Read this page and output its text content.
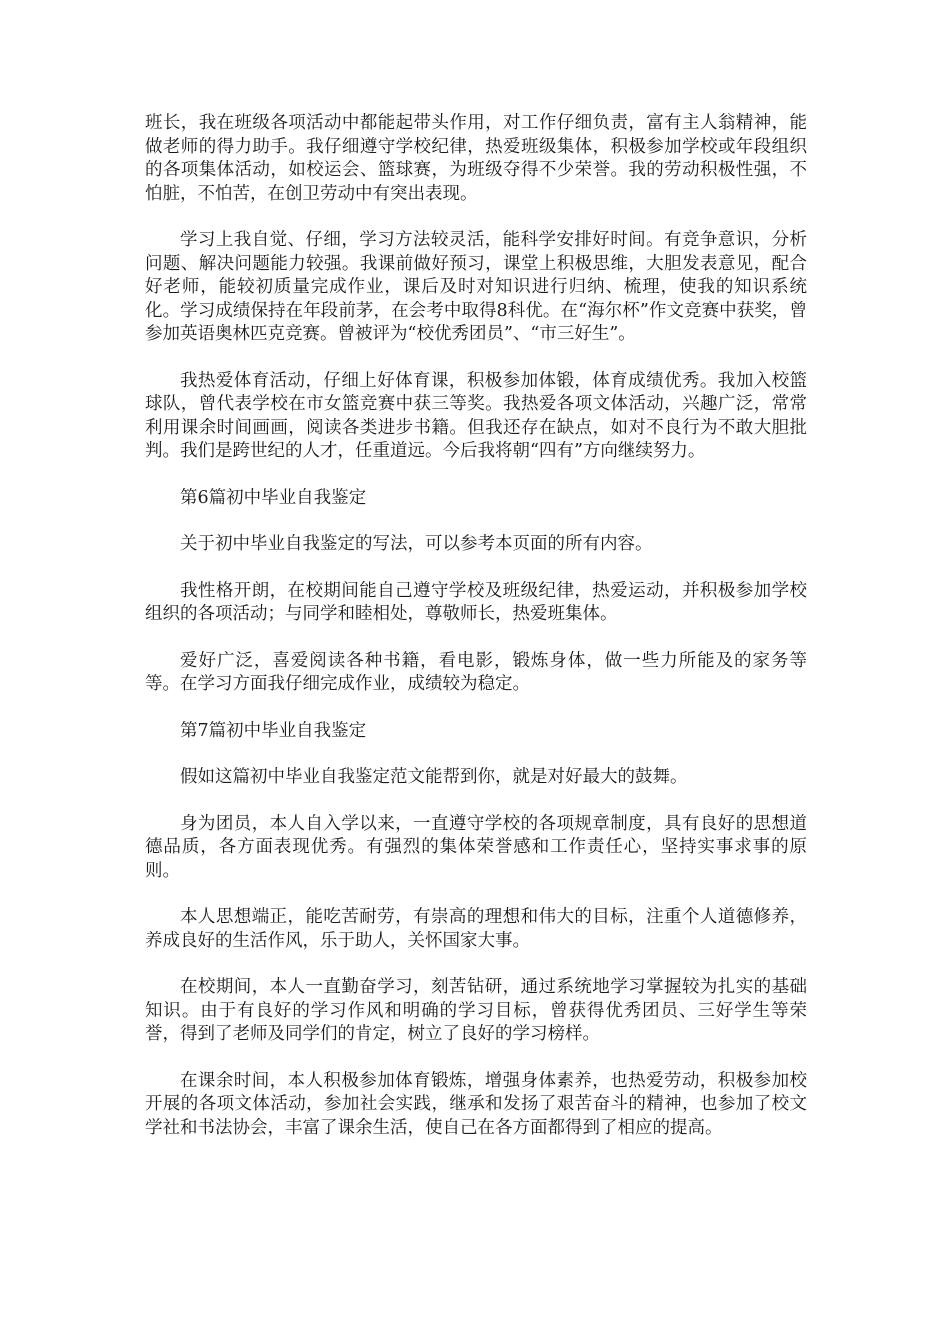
班长，我在班级各项活动中都能起带头作用，对工作仔细负责，富有主人翁精神，能做老师的得力助手。我仔细遵守学校纪律，热爱班级集体，积极参加学校或年段组织的各项集体活动，如校运会、篮球赛，为班级夺得不少荣誉。我的劳动积极性强，不怕脏，不怕苦，在创卫劳动中有突出表现。

学习上我自觉、仔细，学习方法较灵活，能科学安排好时间。有竞争意识，分析问题、解决问题能力较强。我课前做好预习，课堂上积极思维，大胆发表意见，配合好老师，能较初质量完成作业，课后及时对知识进行归纳、梳理，使我的知识系统化。学习成绩保持在年段前茅，在会考中取得8科优。在“海尔杯”作文竞赛中获奖，曾参加英语奥林匹克竞赛。曾被评为“校优秀团员”、“市三好生”。

我热爱体育活动，仔细上好体育课，积极参加体锻，体育成绩优秀。我加入校篮球队，曾代表学校在市女篮竞赛中获三等奖。我热爱各项文体活动，兴趣广泛，常常利用课余时间画画，阅读各类进步书籍。但我还存在缺点，如对不良行为不敢大胆批判。我们是跨世纪的人才，任重道远。今后我将朝“四有”方向继续努力。

第6篇初中毕业自我鉴定

关于初中毕业自我鉴定的写法，可以参考本页面的所有内容。

我性格开朗，在校期间能自己遵守学校及班级纪律，热爱运动，并积极参加学校组织的各项活动；与同学和睦相处，尊敬师长，热爱班集体。

爱好广泛，喜爱阅读各种书籍，看电影，锻炼身体，做一些力所能及的家务等等。在学习方面我仔细完成作业，成绩较为稳定。

第7篇初中毕业自我鉴定

假如这篇初中毕业自我鉴定范文能帮到你，就是对好最大的鼓舞。

身为团员，本人自入学以来，一直遵守学校的各项规章制度，具有良好的思想道德品质，各方面表现优秀。有强烈的集体荣誉感和工作责任心，坚持实事求事的原则。

本人思想端正，能吃苦耐劳，有崇高的理想和伟大的目标，注重个人道德修养，养成良好的生活作风，乐于助人，关怀国家大事。

在校期间，本人一直勤奋学习，刻苦钻研，通过系统地学习掌握较为扎实的基础知识。由于有良好的学习作风和明确的学习目标，曾获得优秀团员、三好学生等荣誉，得到了老师及同学们的肯定，树立了良好的学习榜样。

在课余时间，本人积极参加体育锻炼，增强身体素养，也热爱劳动，积极参加校开展的各项文体活动，参加社会实践，继承和发扬了艰苦奋斗的精神，也参加了校文学社和书法协会，丰富了课余生活，使自己在各方面都得到了相应的提高。
